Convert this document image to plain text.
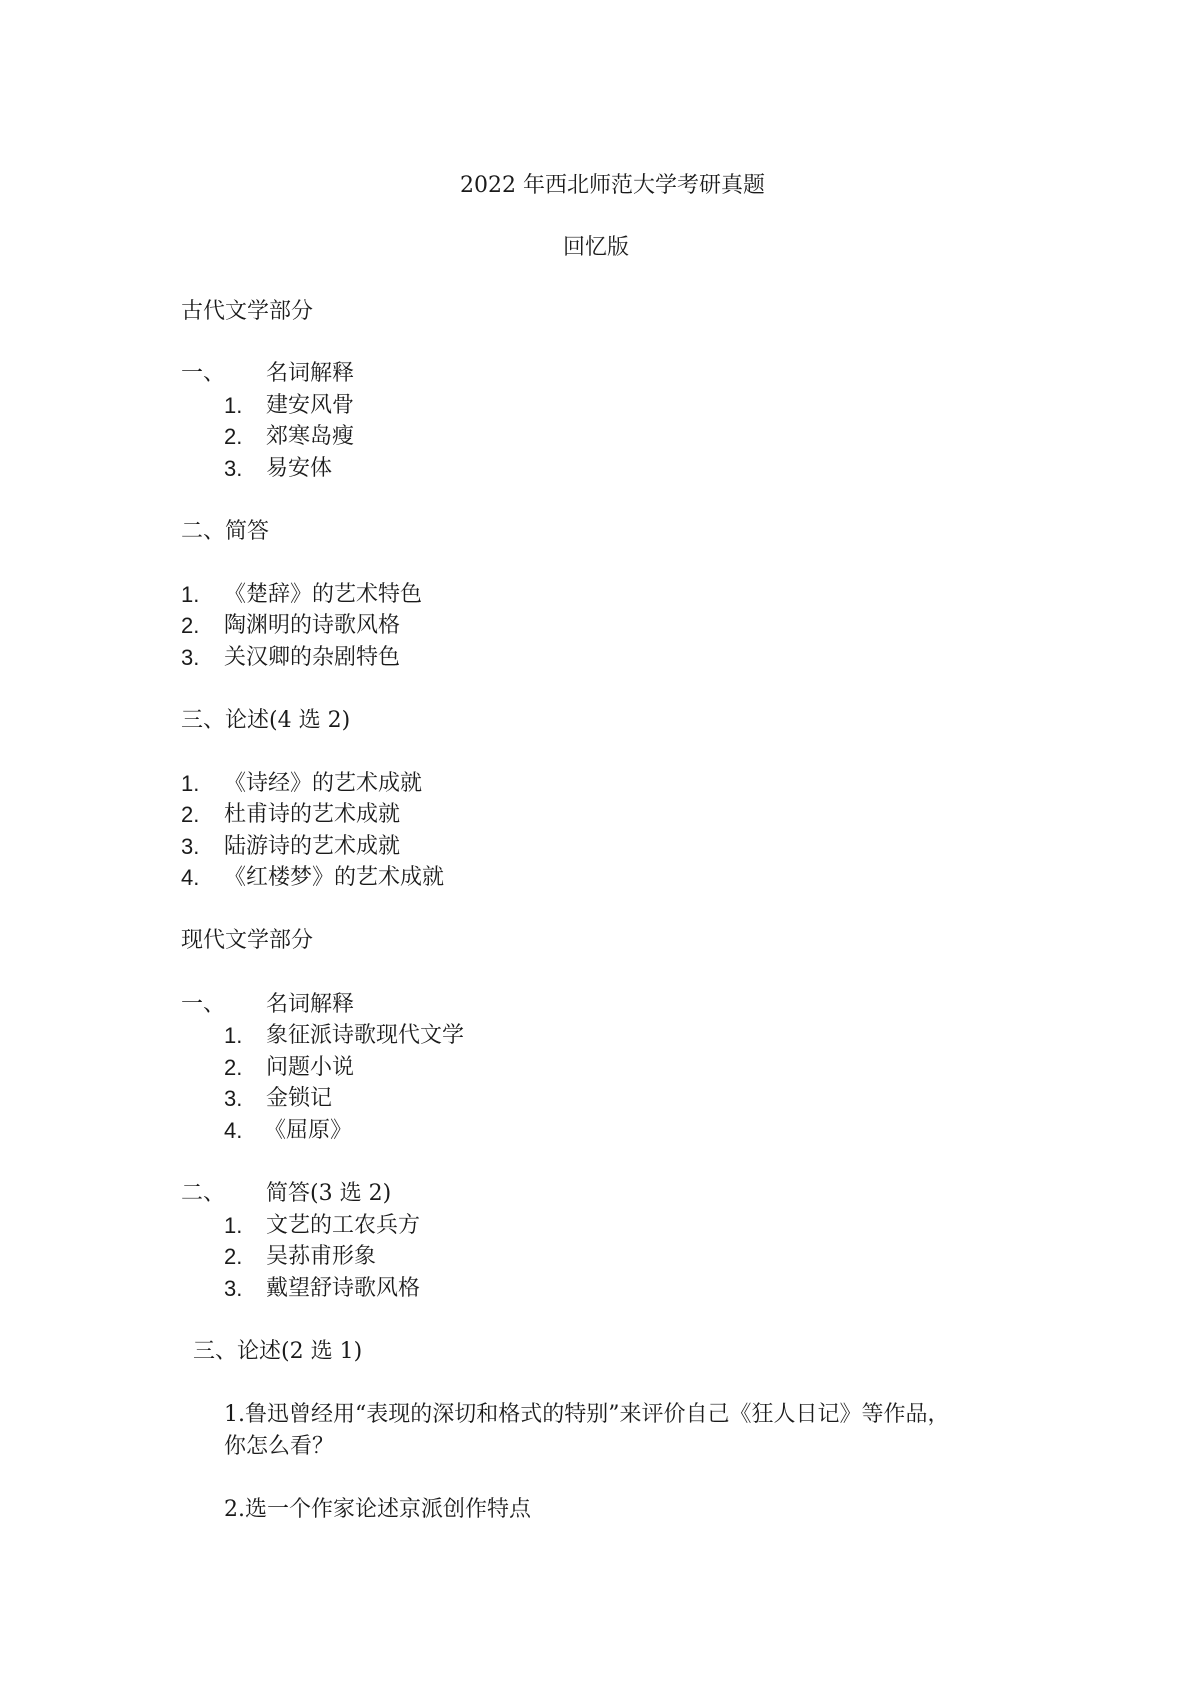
2022 年西北师范大学考研真题
回忆版
古代文学部分
一、 名词解释
1. 建安风骨
2. 郊寒岛瘦
3. 易安体
二、简答
1. 《楚辞》的艺术特色
2. 陶渊明的诗歌风格
3. 关汉卿的杂剧特色
三、论述(4 选 2)
1. 《诗经》的艺术成就
2. 杜甫诗的艺术成就
3. 陆游诗的艺术成就
4. 《红楼梦》的艺术成就
现代文学部分
一、 名词解释
1. 象征派诗歌现代文学
2. 问题小说
3. 金锁记
4. 《屈原》
二、 简答(3 选 2)
1. 文艺的工农兵方
2. 吴荪甫形象
3. 戴望舒诗歌风格
三、论述(2 选 1)
1.鲁迅曾经用“表现的深切和格式的特别”来评价自己《狂人日记》等作品，
你怎么看？
2.选一个作家论述京派创作特点
